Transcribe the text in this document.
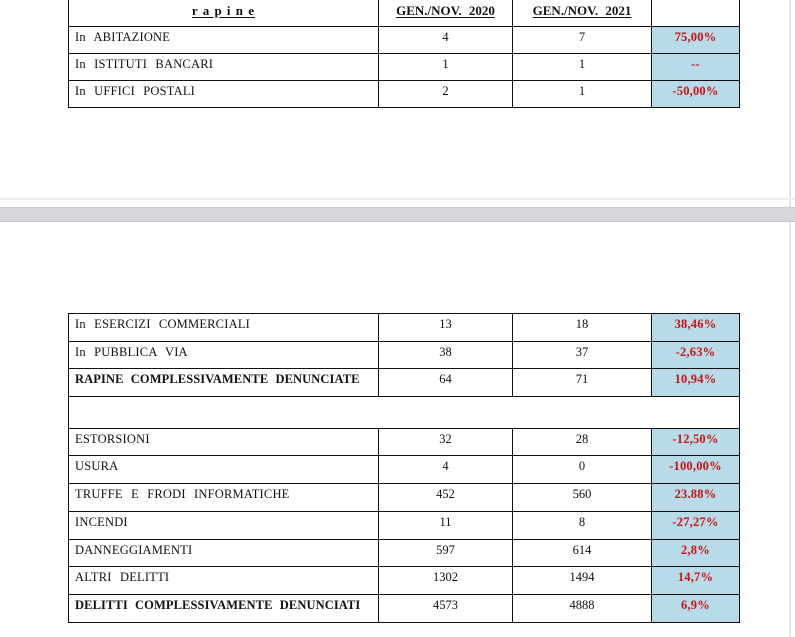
r a p i n e	GEN./NOV. 2020	GEN./NOV. 2021	
In ABITAZIONE	4	7	75,00%
In ISTITUTI BANCARI	1	1	--
In UFFICI POSTALI	2	1	-50,00%
In ESERCIZI COMMERCIALI	13	18	38,46%
In PUBBLICA VIA	38	37	-2,63%
RAPINE COMPLESSIVAMENTE DENUNCIATE	64	71	10,94%

ESTORSIONI	32	28	-12,50%
USURA	4	0	-100,00%
TRUFFE E FRODI INFORMATICHE	452	560	23.88%
INCENDI	11	8	-27,27%
DANNEGGIAMENTI	597	614	2,8%
ALTRI DELITTI	1302	1494	14,7%
DELITTI COMPLESSIVAMENTE DENUNCIATI	4573	4888	6,9%
